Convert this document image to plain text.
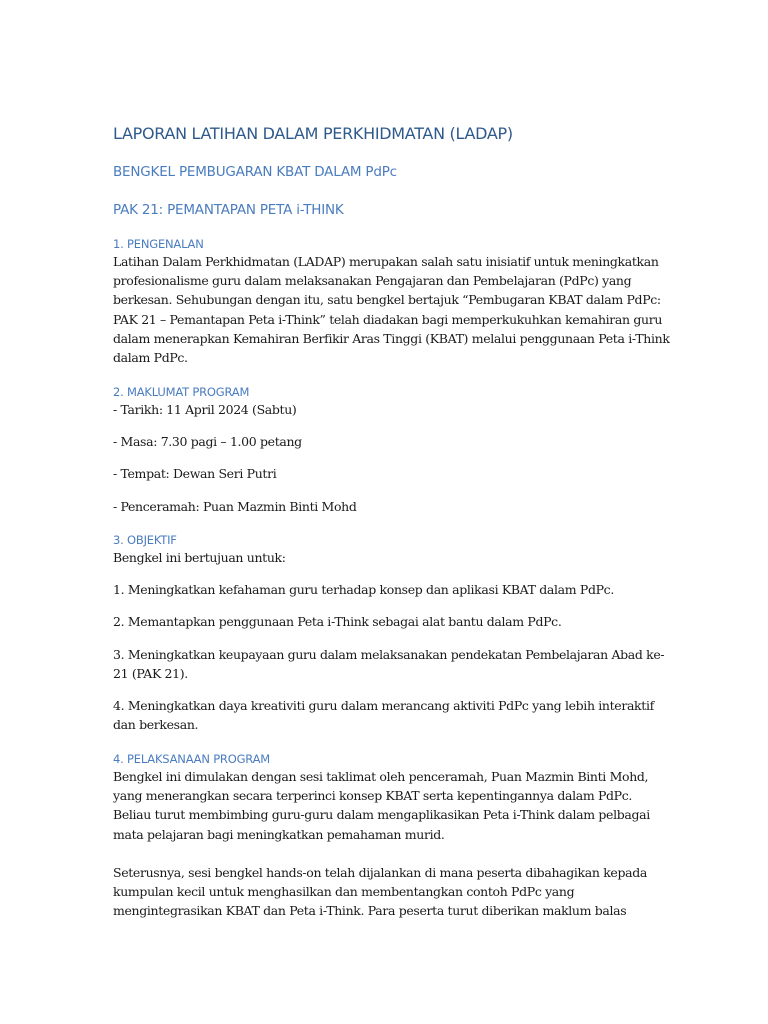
LAPORAN LATIHAN DALAM PERKHIDMATAN (LADAP)
BENGKEL PEMBUGARAN KBAT DALAM PdPc
PAK 21: PEMANTAPAN PETA i-THINK

1. PENGENALAN

Latihan Dalam Perkhidmatan (LADAP) merupakan salah satu inisiatif untuk meningkatkan profesionalisme guru dalam melaksanakan Pengajaran dan Pembelajaran (PdPc) yang berkesan. Sehubungan dengan itu, satu bengkel bertajuk “Pembugaran KBAT dalam PdPc: PAK 21 – Pemantapan Peta i-Think” telah diadakan bagi memperkukuhkan kemahiran guru dalam menerapkan Kemahiran Berfikir Aras Tinggi (KBAT) melalui penggunaan Peta i-Think dalam PdPc.

2. MAKLUMAT PROGRAM

- Tarikh: 11 April 2024 (Sabtu)

- Masa: 7.30 pagi – 1.00 petang

- Tempat: Dewan Seri Putri

- Penceramah: Puan Mazmin Binti Mohd

3. OBJEKTIF

Bengkel ini bertujuan untuk:

1. Meningkatkan kefahaman guru terhadap konsep dan aplikasi KBAT dalam PdPc.

2. Memantapkan penggunaan Peta i-Think sebagai alat bantu dalam PdPc.

3. Meningkatkan keupayaan guru dalam melaksanakan pendekatan Pembelajaran Abad ke-21 (PAK 21).

4. Meningkatkan daya kreativiti guru dalam merancang aktiviti PdPc yang lebih interaktif dan berkesan.

4. PELAKSANAAN PROGRAM

Bengkel ini dimulakan dengan sesi taklimat oleh penceramah, Puan Mazmin Binti Mohd, yang menerangkan secara terperinci konsep KBAT serta kepentingannya dalam PdPc. Beliau turut membimbing guru-guru dalam mengaplikasikan Peta i-Think dalam pelbagai mata pelajaran bagi meningkatkan pemahaman murid.

Seterusnya, sesi bengkel hands-on telah dijalankan di mana peserta dibahagikan kepada kumpulan kecil untuk menghasilkan dan membentangkan contoh PdPc yang mengintegrasikan KBAT dan Peta i-Think. Para peserta turut diberikan maklum balas
